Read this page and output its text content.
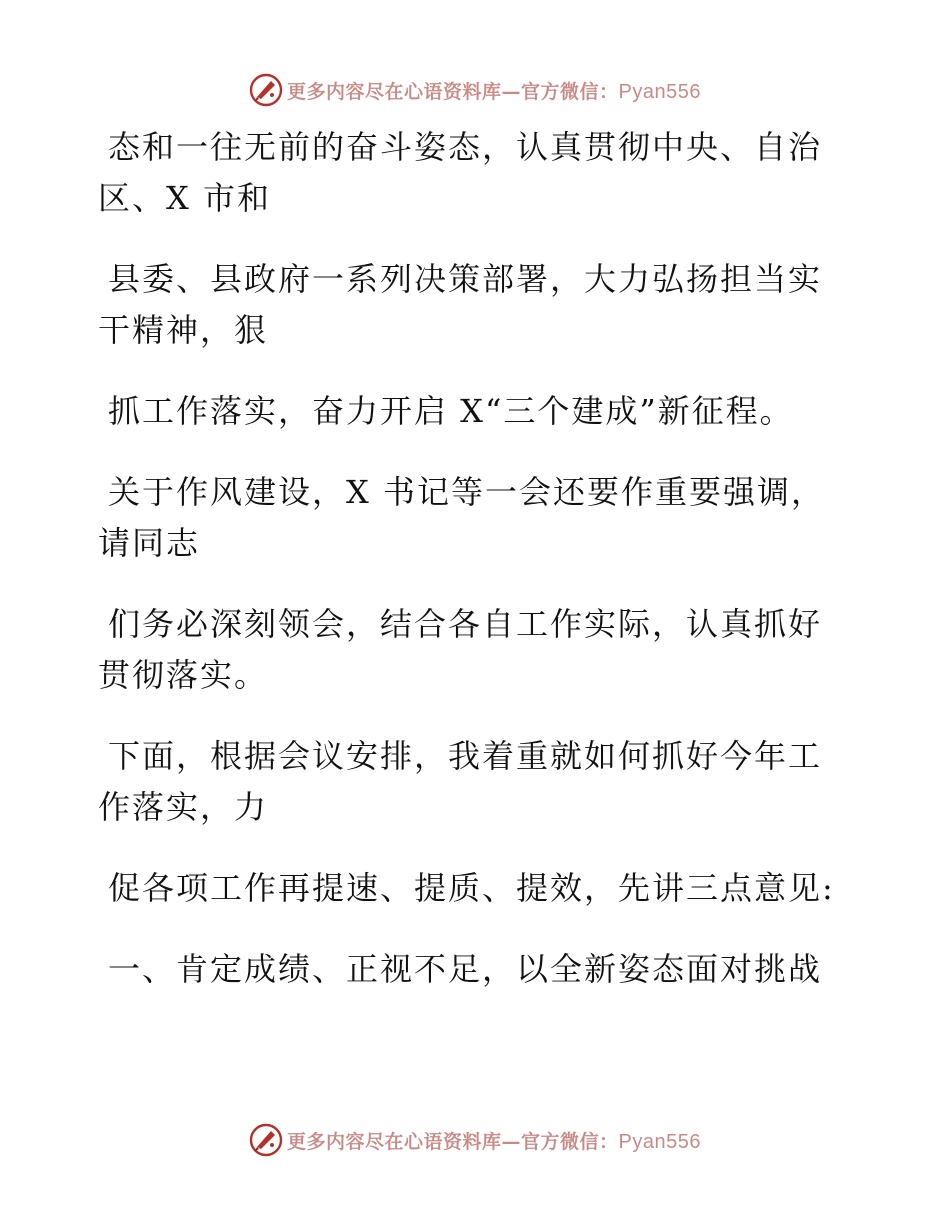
更多内容尽在心语资料库—官方微信：Pyan556

态和一往无前的奋斗姿态，认真贯彻中央、自治区、X 市和

县委、县政府一系列决策部署，大力弘扬担当实干精神，狠

抓工作落实，奋力开启 X“三个建成”新征程。

关于作风建设，X 书记等一会还要作重要强调，请同志

们务必深刻领会，结合各自工作实际，认真抓好贯彻落实。

下面，根据会议安排，我着重就如何抓好今年工作落实，力

促各项工作再提速、提质、提效，先讲三点意见:

一、肯定成绩、正视不足，以全新姿态面对挑战

更多内容尽在心语资料库—官方微信：Pyan556
